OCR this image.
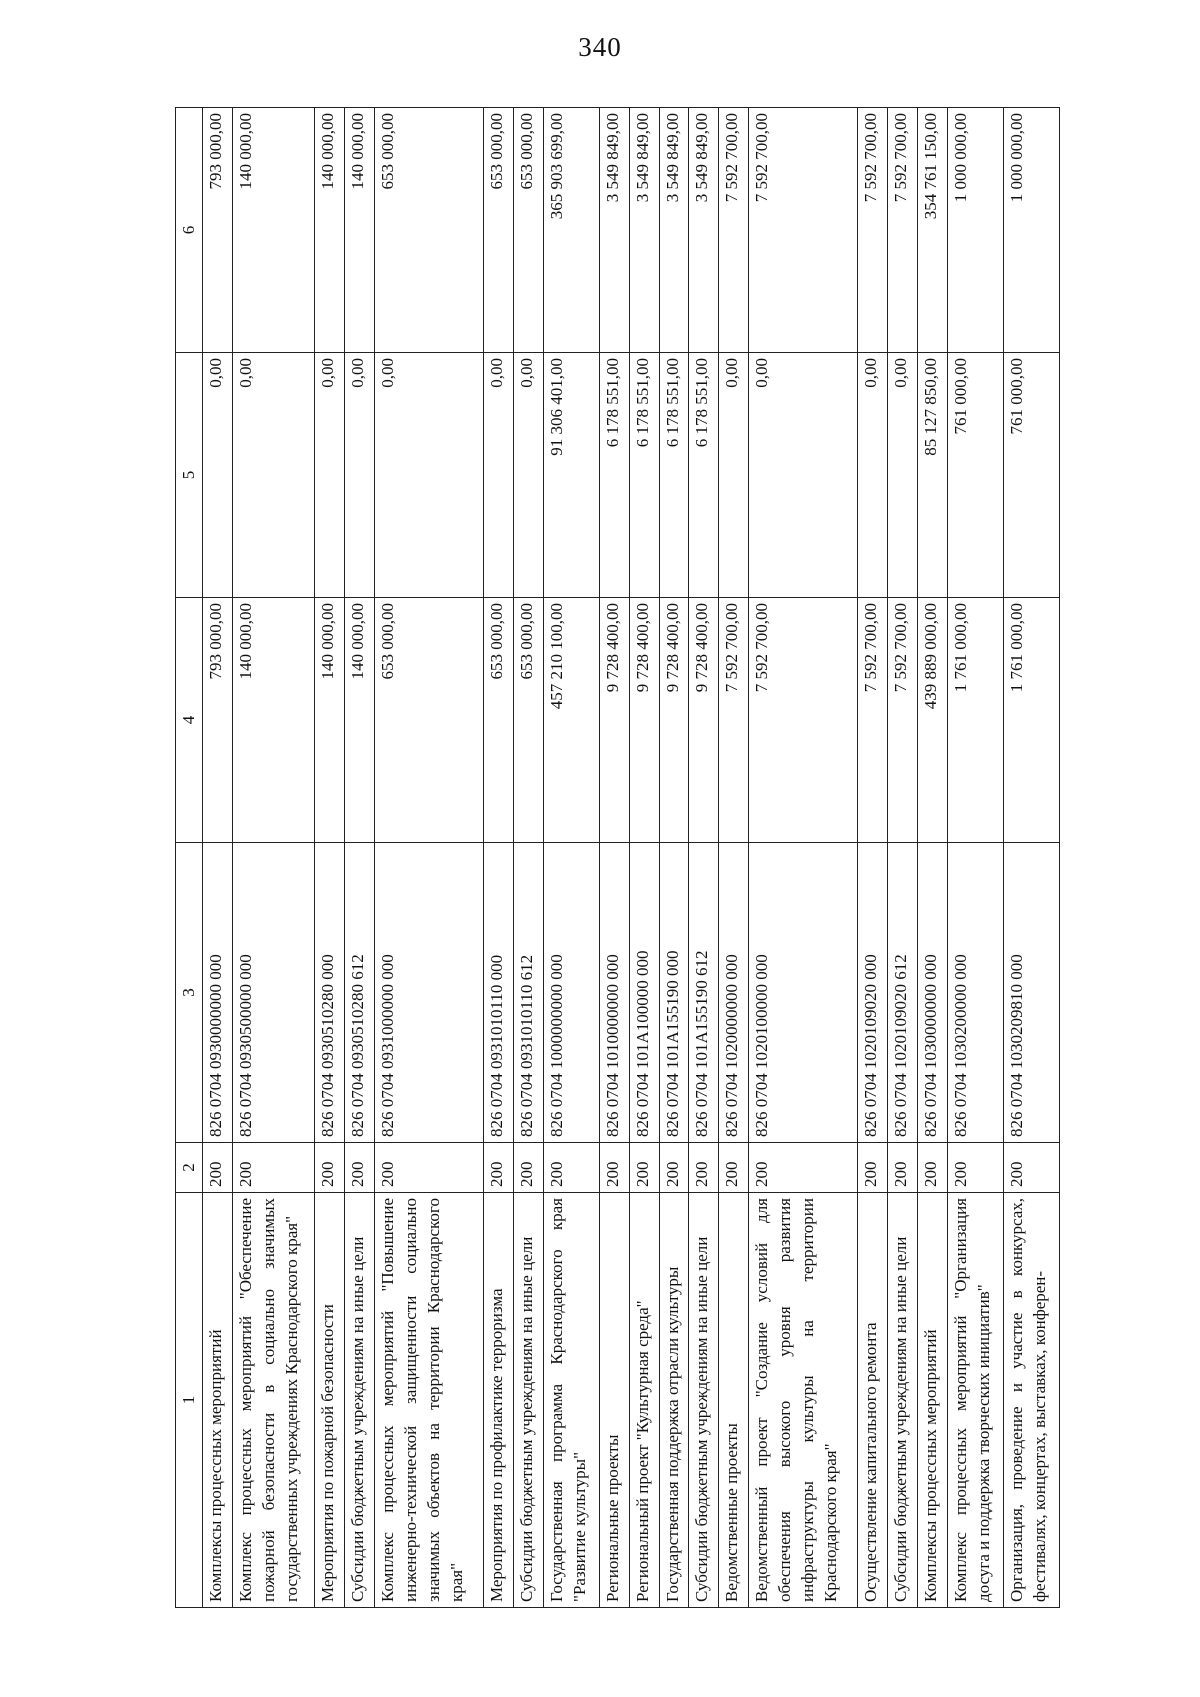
340
1	2	3	4	5	6
Комплексы процессных мероприятий	200	826 0704 0930000000 000	793 000,00	0,00	793 000,00
Комплекс процессных мероприятий "Обеспечение пожарной безопасности в социально значимых государственных учреждениях Краснодарского края"	200	826 0704 0930500000 000	140 000,00	0,00	140 000,00
Мероприятия по пожарной безопасности	200	826 0704 0930510280 000	140 000,00	0,00	140 000,00
Субсидии бюджетным учреждениям на иные цели	200	826 0704 0930510280 612	140 000,00	0,00	140 000,00
Комплекс процессных мероприятий "Повышение инженерно-технической защищенности социально значимых объектов на территории Краснодарского края"	200	826 0704 0931000000 000	653 000,00	0,00	653 000,00
Мероприятия по профилактике терроризма	200	826 0704 0931010110 000	653 000,00	0,00	653 000,00
Субсидии бюджетным учреждениям на иные цели	200	826 0704 0931010110 612	653 000,00	0,00	653 000,00
Государственная программа Краснодарского края "Развитие культуры"	200	826 0704 1000000000 000	457 210 100,00	91 306 401,00	365 903 699,00
Региональные проекты	200	826 0704 1010000000 000	9 728 400,00	6 178 551,00	3 549 849,00
Региональный проект "Культурная среда"	200	826 0704 101A100000 000	9 728 400,00	6 178 551,00	3 549 849,00
Государственная поддержка отрасли культуры	200	826 0704 101A155190 000	9 728 400,00	6 178 551,00	3 549 849,00
Субсидии бюджетным учреждениям на иные цели	200	826 0704 101A155190 612	9 728 400,00	6 178 551,00	3 549 849,00
Ведомственные проекты	200	826 0704 1020000000 000	7 592 700,00	0,00	7 592 700,00
Ведомственный проект "Создание условий для обеспечения высокого уровня развития инфраструктуры культуры на территории Краснодарского края"	200	826 0704 1020100000 000	7 592 700,00	0,00	7 592 700,00
Осуществление капитального ремонта	200	826 0704 1020109020 000	7 592 700,00	0,00	7 592 700,00
Субсидии бюджетным учреждениям на иные цели	200	826 0704 1020109020 612	7 592 700,00	0,00	7 592 700,00
Комплексы процессных мероприятий	200	826 0704 1030000000 000	439 889 000,00	85 127 850,00	354 761 150,00
Комплекс процессных мероприятий "Организация досуга и поддержка творческих инициатив"	200	826 0704 1030200000 000	1 761 000,00	761 000,00	1 000 000,00
Организация, проведение и участие в конкурсах, фестивалях, концертах, выставках, конферен-	200	826 0704 1030209810 000	1 761 000,00	761 000,00	1 000 000,00
